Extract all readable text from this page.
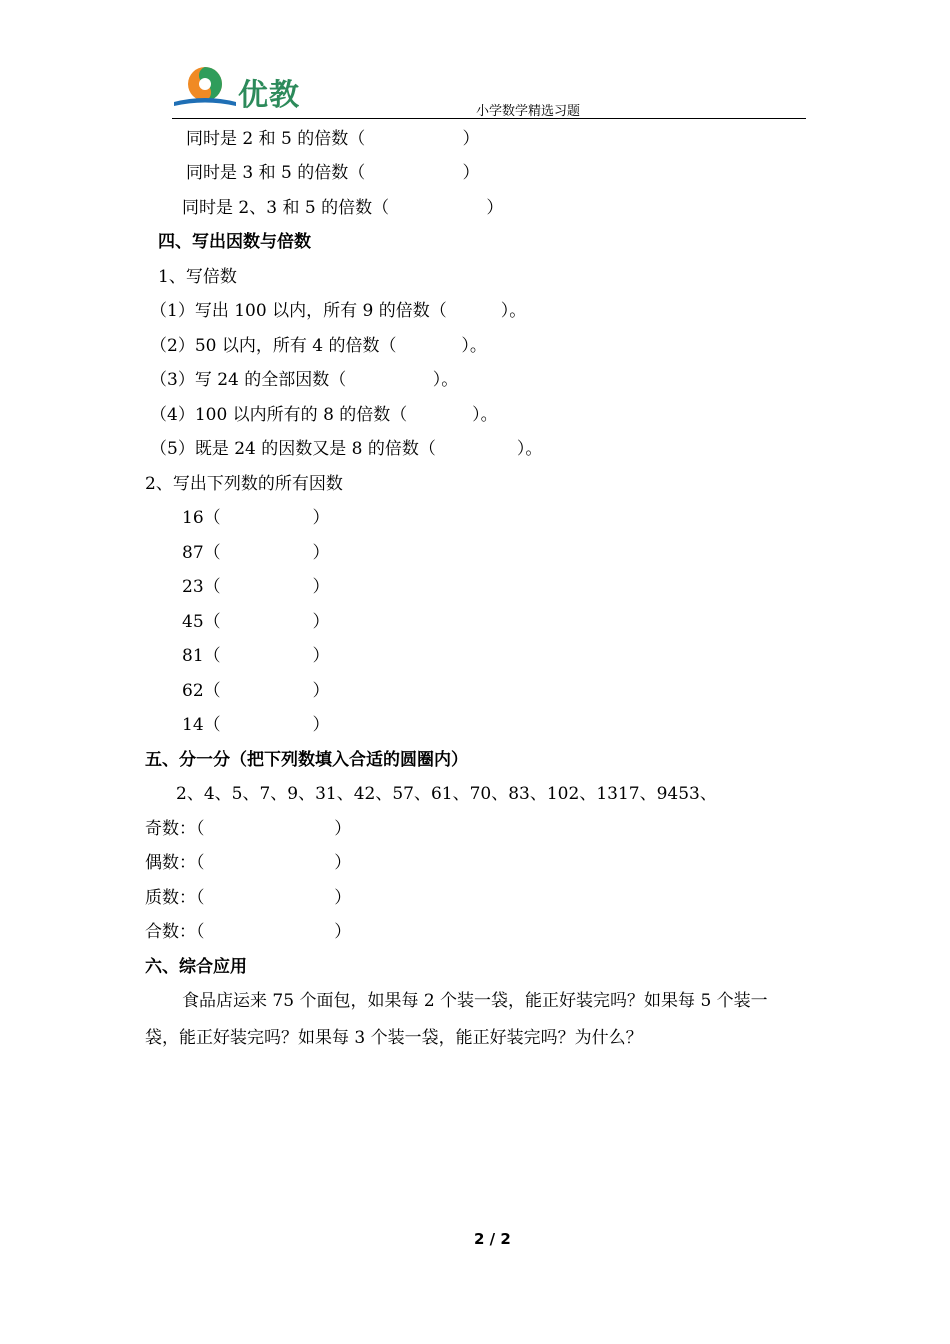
优教	小学数学精选习题
同时是 2 和 5 的倍数（                  ）
同时是 3 和 5 的倍数（                  ）
同时是 2、3 和 5 的倍数（                  ）
四、写出因数与倍数
1、写倍数
（1）写出 100 以内，所有 9 的倍数（          ）。
（2）50 以内，所有 4 的倍数（            ）。
（3）写 24 的全部因数（                ）。
（4）100 以内所有的 8 的倍数（            ）。
（5）既是 24 的因数又是 8 的倍数（               ）。
2、写出下列数的所有因数
16（                 ）
87（                 ）
23（                 ）
45（                 ）
81（                 ）
62（                 ）
14（                 ）
五、分一分（把下列数填入合适的圆圈内）
2、4、5、7、9、31、42、57、61、70、83、102、1317、9453、
奇数：（                        ）
偶数：（                        ）
质数：（                        ）
合数：（                        ）
六、综合应用
食品店运来 75 个面包，如果每 2 个装一袋，能正好装完吗？如果每 5 个装一
袋，能正好装完吗？如果每 3 个装一袋，能正好装完吗？为什么？
2 / 2
